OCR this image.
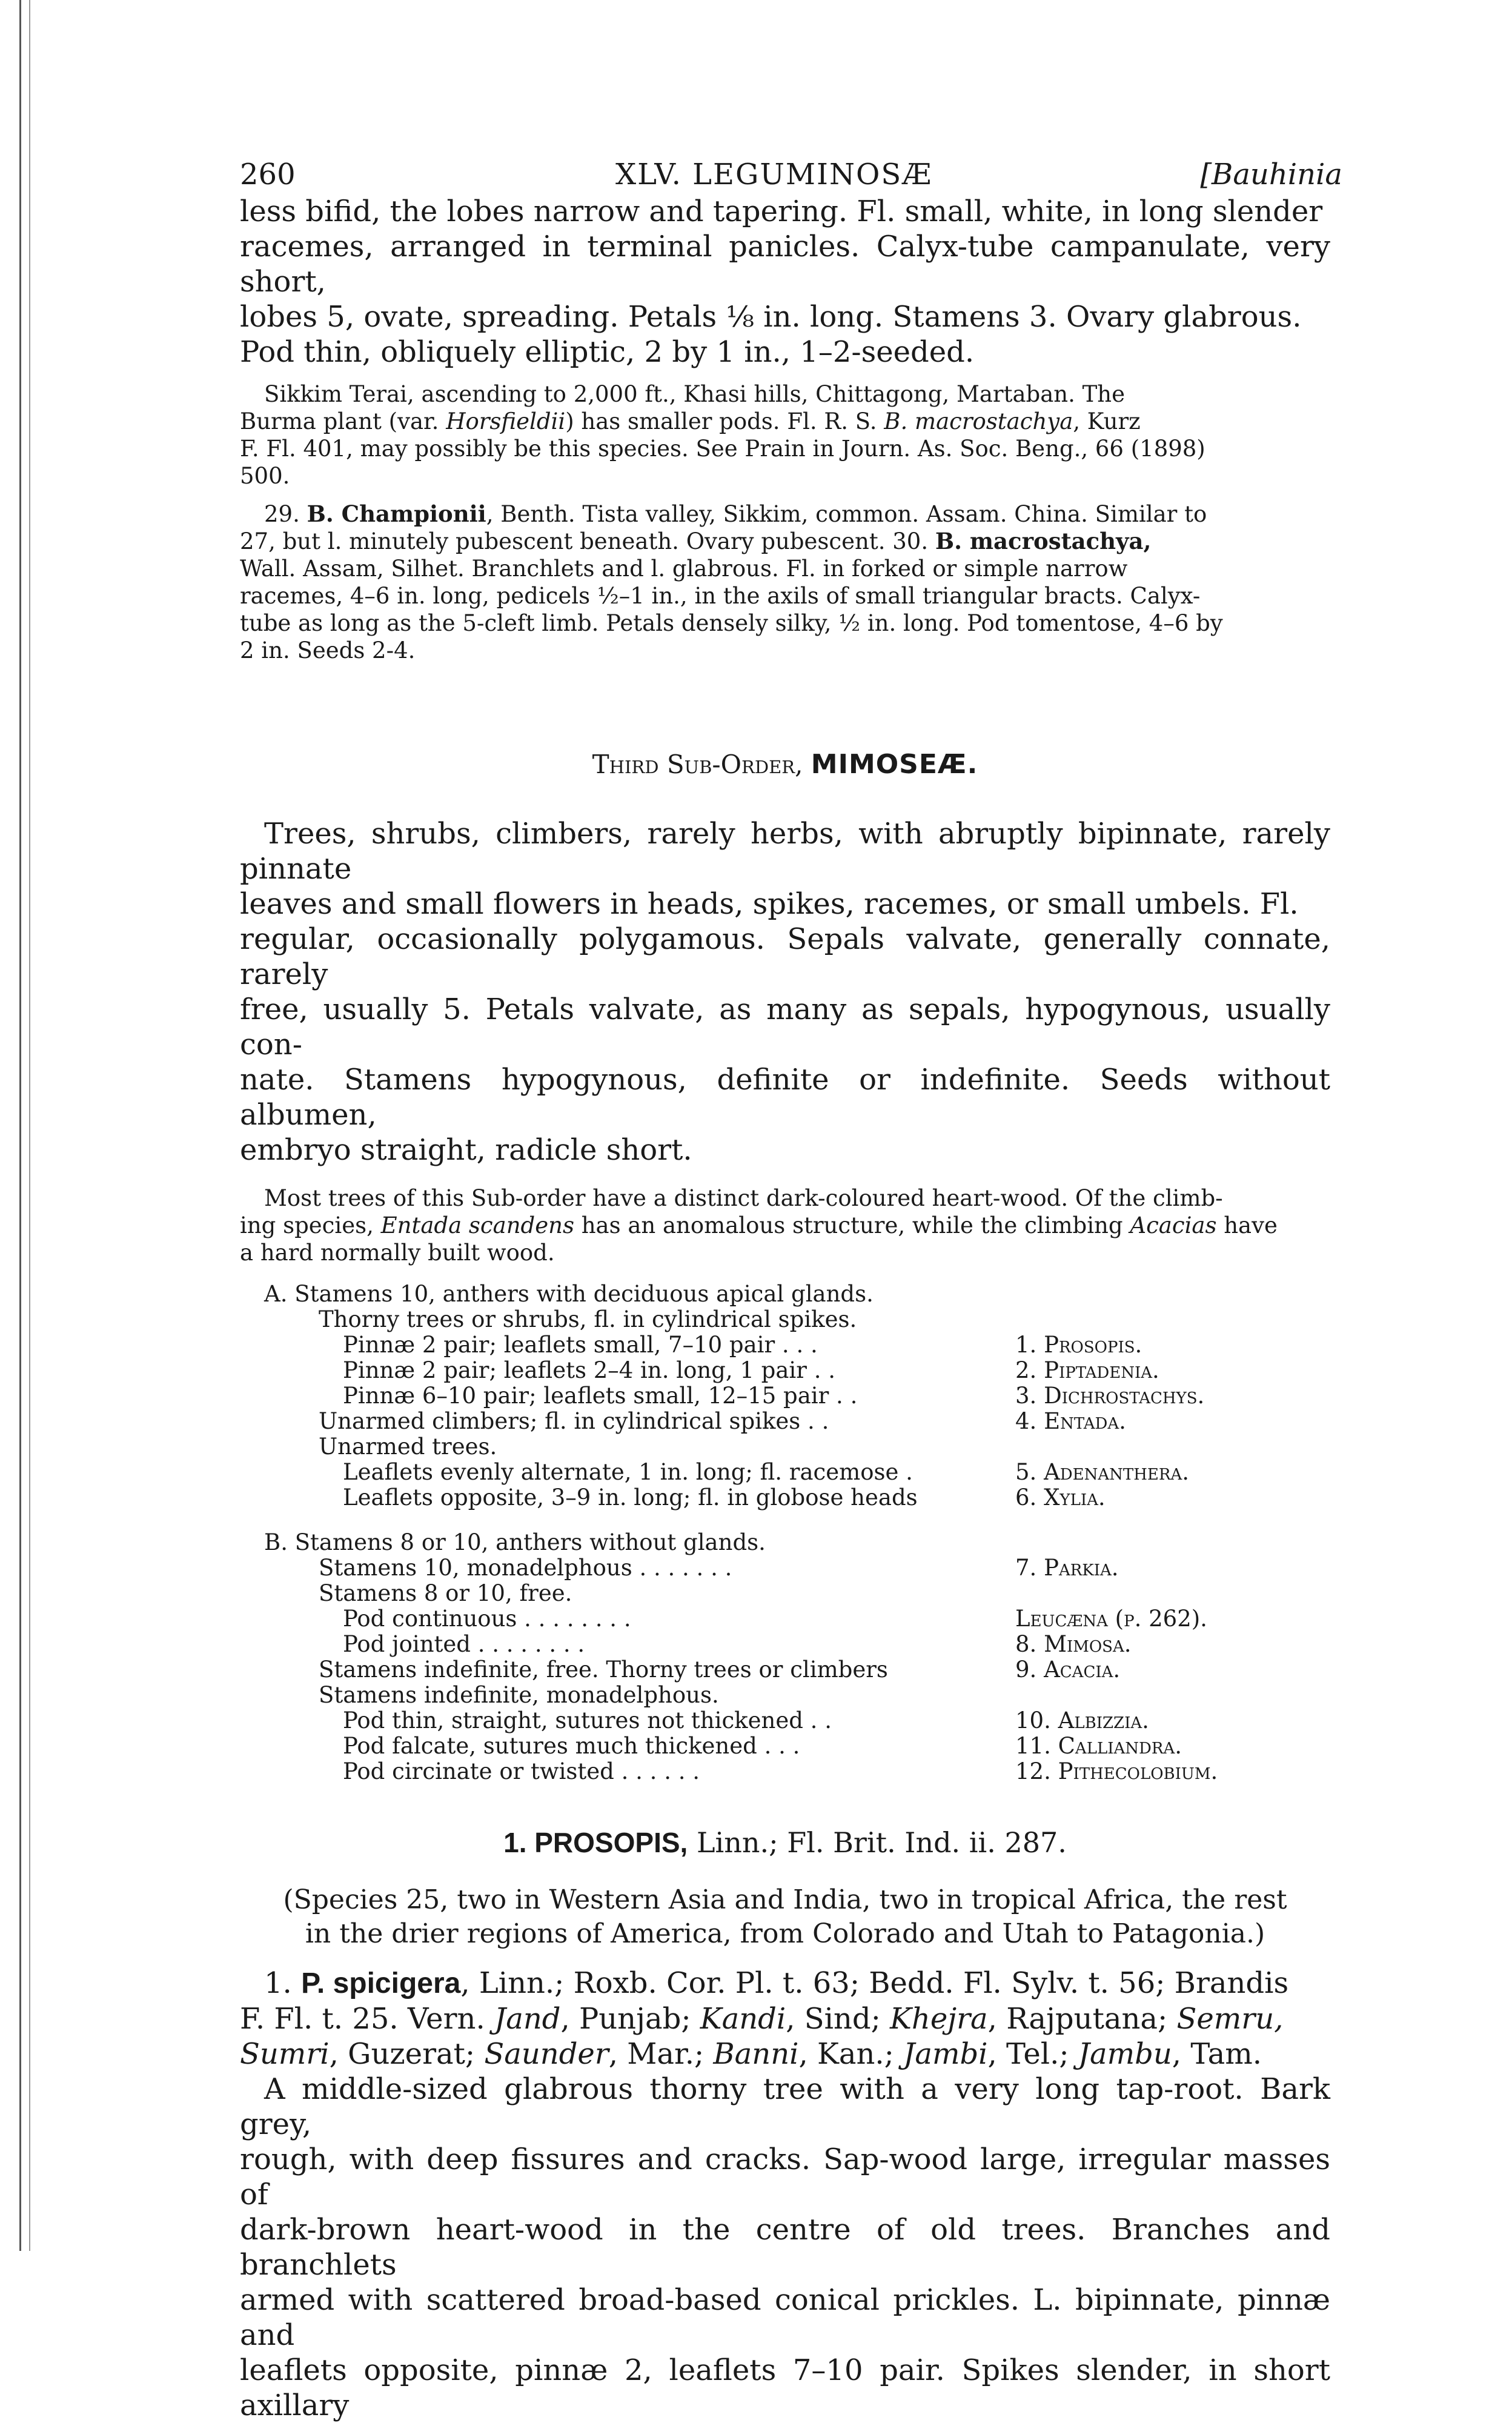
260	XLV. LEGUMINOSÆ	[Bauhinia

less bifid, the lobes narrow and tapering. Fl. small, white, in long slender

racemes, arranged in terminal panicles. Calyx-tube campanulate, very short,

lobes 5, ovate, spreading. Petals ⅛ in. long. Stamens 3. Ovary glabrous.

Pod thin, obliquely elliptic, 2 by 1 in., 1–2-seeded.

Sikkim Terai, ascending to 2,000 ft., Khasi hills, Chittagong, Martaban. The

Burma plant (var. Horsfieldii) has smaller pods. Fl. R. S. B. macrostachya, Kurz

F. Fl. 401, may possibly be this species. See Prain in Journ. As. Soc. Beng., 66 (1898)

500.

29. B. Championii, Benth. Tista valley, Sikkim, common. Assam. China. Similar to

27, but l. minutely pubescent beneath. Ovary pubescent. 30. B. macrostachya,

Wall. Assam, Silhet. Branchlets and l. glabrous. Fl. in forked or simple narrow

racemes, 4–6 in. long, pedicels ½–1 in., in the axils of small triangular bracts. Calyx-

tube as long as the 5-cleft limb. Petals densely silky, ½ in. long. Pod tomentose, 4–6 by

2 in. Seeds 2-4.

Third Sub-Order, MIMOSEÆ.

Trees, shrubs, climbers, rarely herbs, with abruptly bipinnate, rarely pinnate

leaves and small flowers in heads, spikes, racemes, or small umbels. Fl.

regular, occasionally polygamous. Sepals valvate, generally connate, rarely

free, usually 5. Petals valvate, as many as sepals, hypogynous, usually con-

nate. Stamens hypogynous, definite or indefinite. Seeds without albumen,

embryo straight, radicle short.

Most trees of this Sub-order have a distinct dark-coloured heart-wood. Of the climb-

ing species, Entada scandens has an anomalous structure, while the climbing Acacias have

a hard normally built wood.

A. Stamens 10, anthers with deciduous apical glands.
Thorny trees or shrubs, fl. in cylindrical spikes.
Pinnæ 2 pair; leaflets small, 7–10 pair . . .	1. Prosopis.
Pinnæ 2 pair; leaflets 2–4 in. long, 1 pair . .	2. Piptadenia.
Pinnæ 6–10 pair; leaflets small, 12–15 pair . .	3. Dichrostachys.
Unarmed climbers; fl. in cylindrical spikes . .	4. Entada.
Unarmed trees.
Leaflets evenly alternate, 1 in. long; fl. racemose .	5. Adenanthera.
Leaflets opposite, 3–9 in. long; fl. in globose heads	6. Xylia.
B. Stamens 8 or 10, anthers without glands.
Stamens 10, monadelphous . . . . . . .	7. Parkia.
Stamens 8 or 10, free.
Pod continuous . . . . . . . .	Leucæna (p. 262).
Pod jointed . . . . . . . .	8. Mimosa.
Stamens indefinite, free. Thorny trees or climbers	9. Acacia.
Stamens indefinite, monadelphous.
Pod thin, straight, sutures not thickened . .	10. Albizzia.
Pod falcate, sutures much thickened . . .	11. Calliandra.
Pod circinate or twisted . . . . . .	12. Pithecolobium.
1. PROSOPIS, Linn.; Fl. Brit. Ind. ii. 287.

(Species 25, two in Western Asia and India, two in tropical Africa, the rest

in the drier regions of America, from Colorado and Utah to Patagonia.)

1. P. spicigera, Linn.; Roxb. Cor. Pl. t. 63; Bedd. Fl. Sylv. t. 56; Brandis

F. Fl. t. 25. Vern. Jand, Punjab; Kandi, Sind; Khejra, Rajputana; Semru,

Sumri, Guzerat; Saunder, Mar.; Banni, Kan.; Jambi, Tel.; Jambu, Tam.

A middle-sized glabrous thorny tree with a very long tap-root. Bark grey,

rough, with deep fissures and cracks. Sap-wood large, irregular masses of

dark-brown heart-wood in the centre of old trees. Branches and branchlets

armed with scattered broad-based conical prickles. L. bipinnate, pinnæ and

leaflets opposite, pinnæ 2, leaflets 7–10 pair. Spikes slender, in short axillary
